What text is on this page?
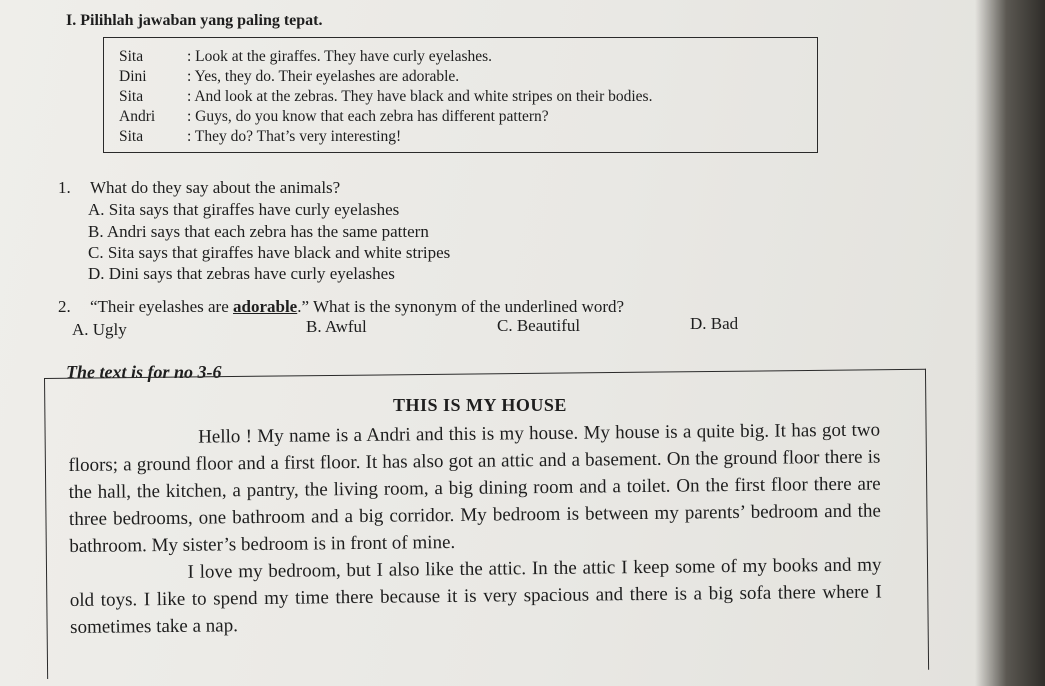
I. Pilihlah jawaban yang paling tepat.
Sita	: Look at the giraffes. They have curly eyelashes.
Dini	: Yes, they do. Their eyelashes are adorable.
Sita	: And look at the zebras. They have black and white stripes on their bodies.
Andri : Guys, do you know that each zebra has different pattern?
Sita	: They do? That’s very interesting!
1. What do they say about the animals?
A. Sita says that giraffes have curly eyelashes
B. Andri says that each zebra has the same pattern
C. Sita says that giraffes have black and white stripes
D. Dini says that zebras have curly eyelashes
2. “Their eyelashes are adorable.” What is the synonym of the underlined word?
A. Ugly	B. Awful	C. Beautiful	D. Bad
The text is for no 3-6
THIS IS MY HOUSE

Hello ! My name is a Andri and this is my house. My house is a quite big. It has got two floors; a ground floor and a first floor. It has also got an attic and a basement. On the ground floor there is the hall, the kitchen, a pantry, the living room, a big dining room and a toilet. On the first floor there are three bedrooms, one bathroom and a big corridor. My bedroom is between my parents’ bedroom and the bathroom. My sister’s bedroom is in front of mine.

I love my bedroom, but I also like the attic. In the attic I keep some of my books and my old toys. I like to spend my time there because it is very spacious and there is a big sofa there where I sometimes take a nap.
